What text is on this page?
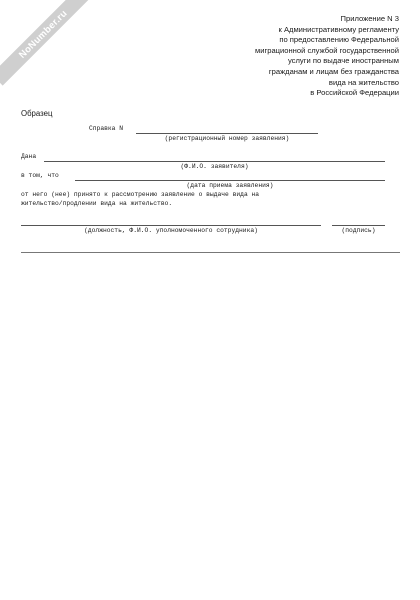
NoNumber.ru	Приложение N 3
к Административному регламенту
по предоставлению Федеральной
миграционной службой государственной
услуги по выдаче иностранным
гражданам и лицам без гражданства
вида на жительство
в Российской Федерации
Образец
Справка N
(регистрационный номер заявления)
Дана
(Ф.И.О. заявителя)
в том, что
(дата приема заявления)
от него (нее) принято к рассмотрению заявление о выдаче вида на
жительство/продлении вида на жительство.
(должность, Ф.И.О. уполномоченного сотрудника)	(подпись)
